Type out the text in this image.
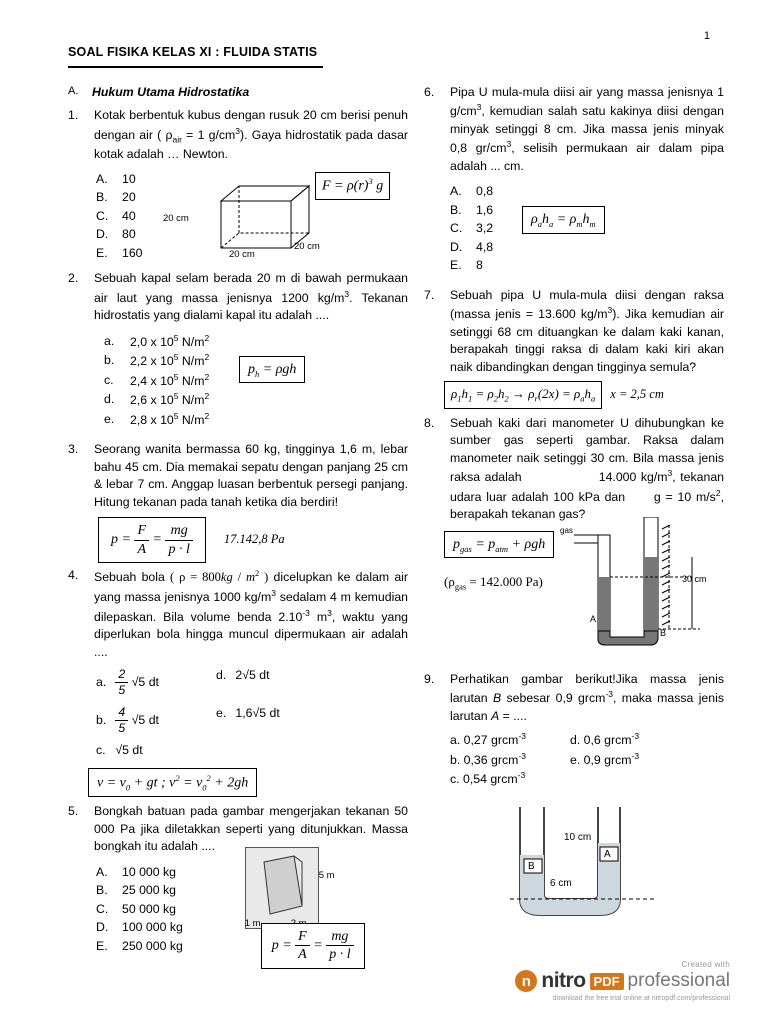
1
SOAL FISIKA KELAS XI : FLUIDA STATIS
A. Hukum Utama Hidrostatika
1.	Kotak berbentuk kubus dengan rusuk 20 cm berisi penuh dengan air ( $\rho_{air} = 1$ $g/cm^3$). Gaya hidrostatik pada dasar kotak adalah … Newton.
A.	10
B.	20
C. 40
D. 80
E.	160
20 cm
20 cm
20 cm
$F = \rho(r)^3$ g
2.	Sebuah kapal selam berada 20 m di bawah permukaan air laut yang massa jenisnya 1200 $kg/m^3$. Tekanan hidrostatis yang dialami kapal itu adalah ....
a.	2,0 x $10^5$ $N/m^2$
b.	2,2 x $10^5$ $N/m^2$
c.	2,4 x $10^5$ $N/m^2$
d.	2,6 x $10^5$ $N/m^2$
e.	2,8 x $10^5$ $N/m^2$
$p_h = \rho gh$
3.	Seorang wanita bermassa 60 kg, tingginya 1,6 m, lebar bahu 45 cm. Dia memakai sepatu dengan panjang 25 cm & lebar 7 cm. Anggap luasan berbentuk persegi panjang. Hitung tekanan pada tanah ketika dia berdiri!
$p = \frac{F}{A} = \frac{mg}{p \cdot l} 17.142,8$ Pa
4.	Sebuah bola ( $\rho = 800kg / m^2$ ) dicelupkan ke dalam air yang massa jenisnya 1000 $kg/m^3$ sedalam 4 m kemudian dilepaskan. Bila volume benda $2.10^{-3}$ $m^3$, waktu yang diperlukan bola hingga muncul dipermukaan air adalah ....
a. $\frac{2}{5} √5$ dt
d. 2√5 dt
b. $\frac{4}{5} √5$ dt
e. 1,6√5 dt
c. √5 dt
$v = v_0$ + gt ; $v^2 = v_0^2 + 2gh$
5.	Bongkah batuan pada gambar mengerjakan tekanan 50 000 Pa jika diletakkan seperti yang ditunjukkan. Massa bongkah itu adalah ....
A.	10 000 kg
B.	25 000 kg
C. 50 000 kg
D. 100 000 kg
E.	250 000 kg
5 m
1 m
$p = \frac{F}{A} = \frac{mg}{p \cdot l}$
6.	Pipa U mula-mula diisi air yang massa jenisnya 1 $g/cm^3$, kemudian salah satu kakinya diisi dengan minyak setinggi 8 cm. Jika massa jenis minyak 0,8 $gr/cm^3$, selisih permukaan air dalam pipa adalah ... cm.
A.	0,8
B.	1,6
C. 3,2
D. 4,8
E.	8
$\rho_ah_a = \rho_mh_m$
7.	Sebuah pipa U mula-mula diisi dengan raksa (massa jenis = 13.600 $kg/m^3$). Jika kemudian air setinggi 68 cm dituangkan ke dalam kaki kanan, berapakah tinggi raksa di dalam kaki kiri akan naik dibandingkan dengan tingginya semula?
$\rho_1h_1 = \rho_2h_2 \to \rho_r(2x) = \rho_ah_a$	x = 2,5 cm
8.	Sebuah kaki dari manometer U dihubungkan ke sumber gas seperti gambar. Raksa dalam manometer naik setinggi 30 cm. Bila massa jenis raksa adalah                 14.000 $kg/m^3$, tekanan udara luar adalah 100 kPa dan      g = 10 $m/s^2$, berapakah tekanan gas?
$p_{gas} = p_{atm} + \rho gh$
($\rho_{gas} = 142.000$ Pa)
gas
30 cm
A
B
9.	Perhatikan gambar berikut!Jika massa jenis larutan B sebesar 0,9 grcm$^{-3}$, maka massa jenis larutan A = ....
a. 0,27 grcm$^{-3}$	d. 0,6 grcm$^{-3}$
b. 0,36 grcm$^{-3}$	e. 0,9 grcm$^{-3}$
c. 0,54 grcm$^{-3}$
B
A
10 cm
6 cm
Created with
n nitro PDF professional
download the free trial online at nitropdf.com/professional
